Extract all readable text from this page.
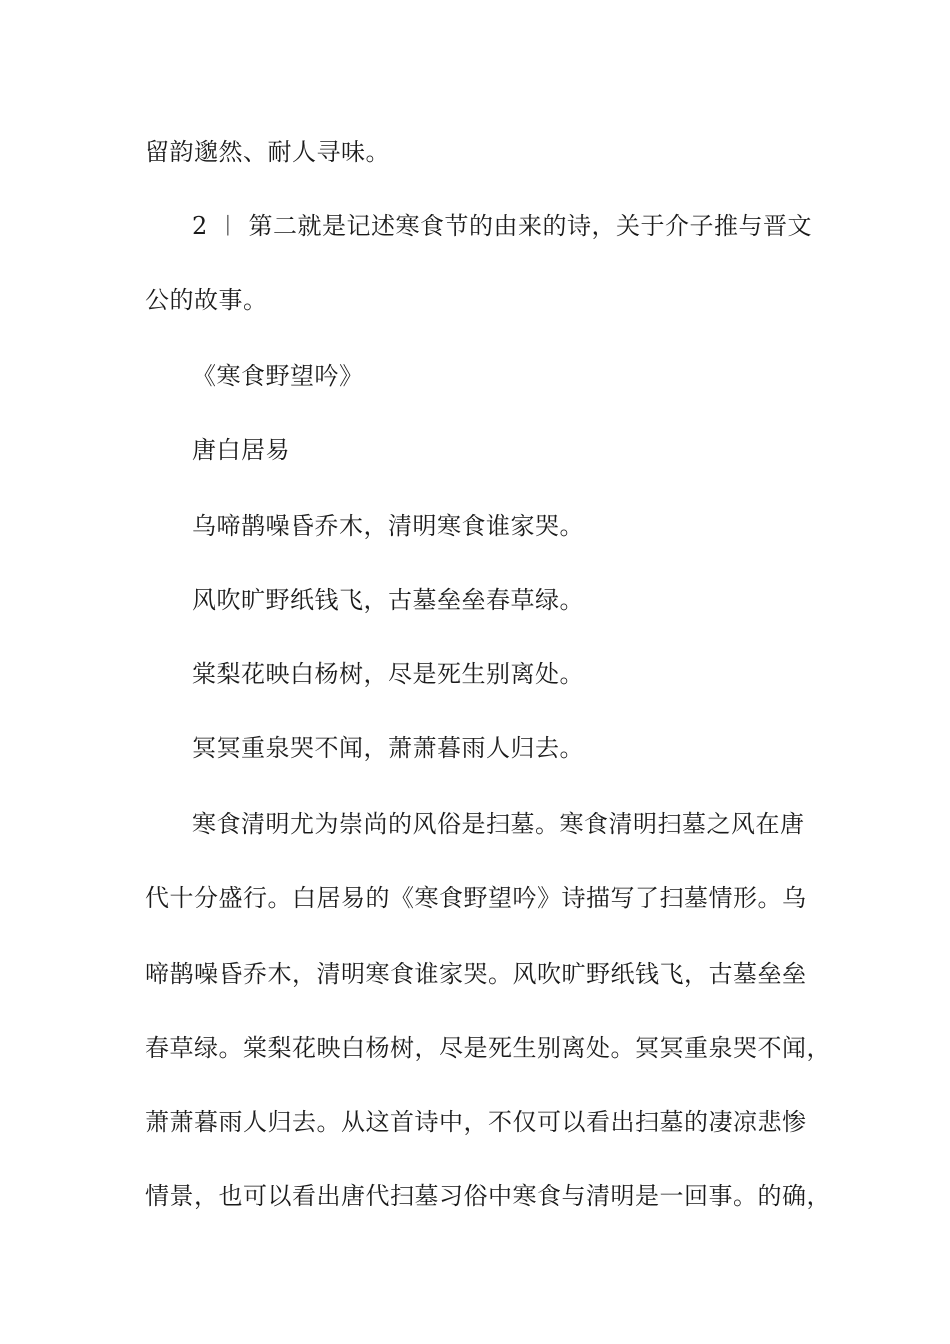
留韵邈然、耐人寻味。
2 ︱ 第二就是记述寒食节的由来的诗，关于介子推与晋文
公的故事。
《寒食野望吟》
唐白居易
乌啼鹊噪昏乔木，清明寒食谁家哭。
风吹旷野纸钱飞，古墓垒垒春草绿。
棠梨花映白杨树，尽是死生别离处。
冥冥重泉哭不闻，萧萧暮雨人归去。
寒食清明尤为崇尚的风俗是扫墓。寒食清明扫墓之风在唐
代十分盛行。白居易的《寒食野望吟》诗描写了扫墓情形。乌
啼鹊噪昏乔木，清明寒食谁家哭。风吹旷野纸钱飞，古墓垒垒
春草绿。棠梨花映白杨树，尽是死生别离处。冥冥重泉哭不闻，
萧萧暮雨人归去。从这首诗中，不仅可以看出扫墓的凄凉悲惨
情景，也可以看出唐代扫墓习俗中寒食与清明是一回事。的确，
